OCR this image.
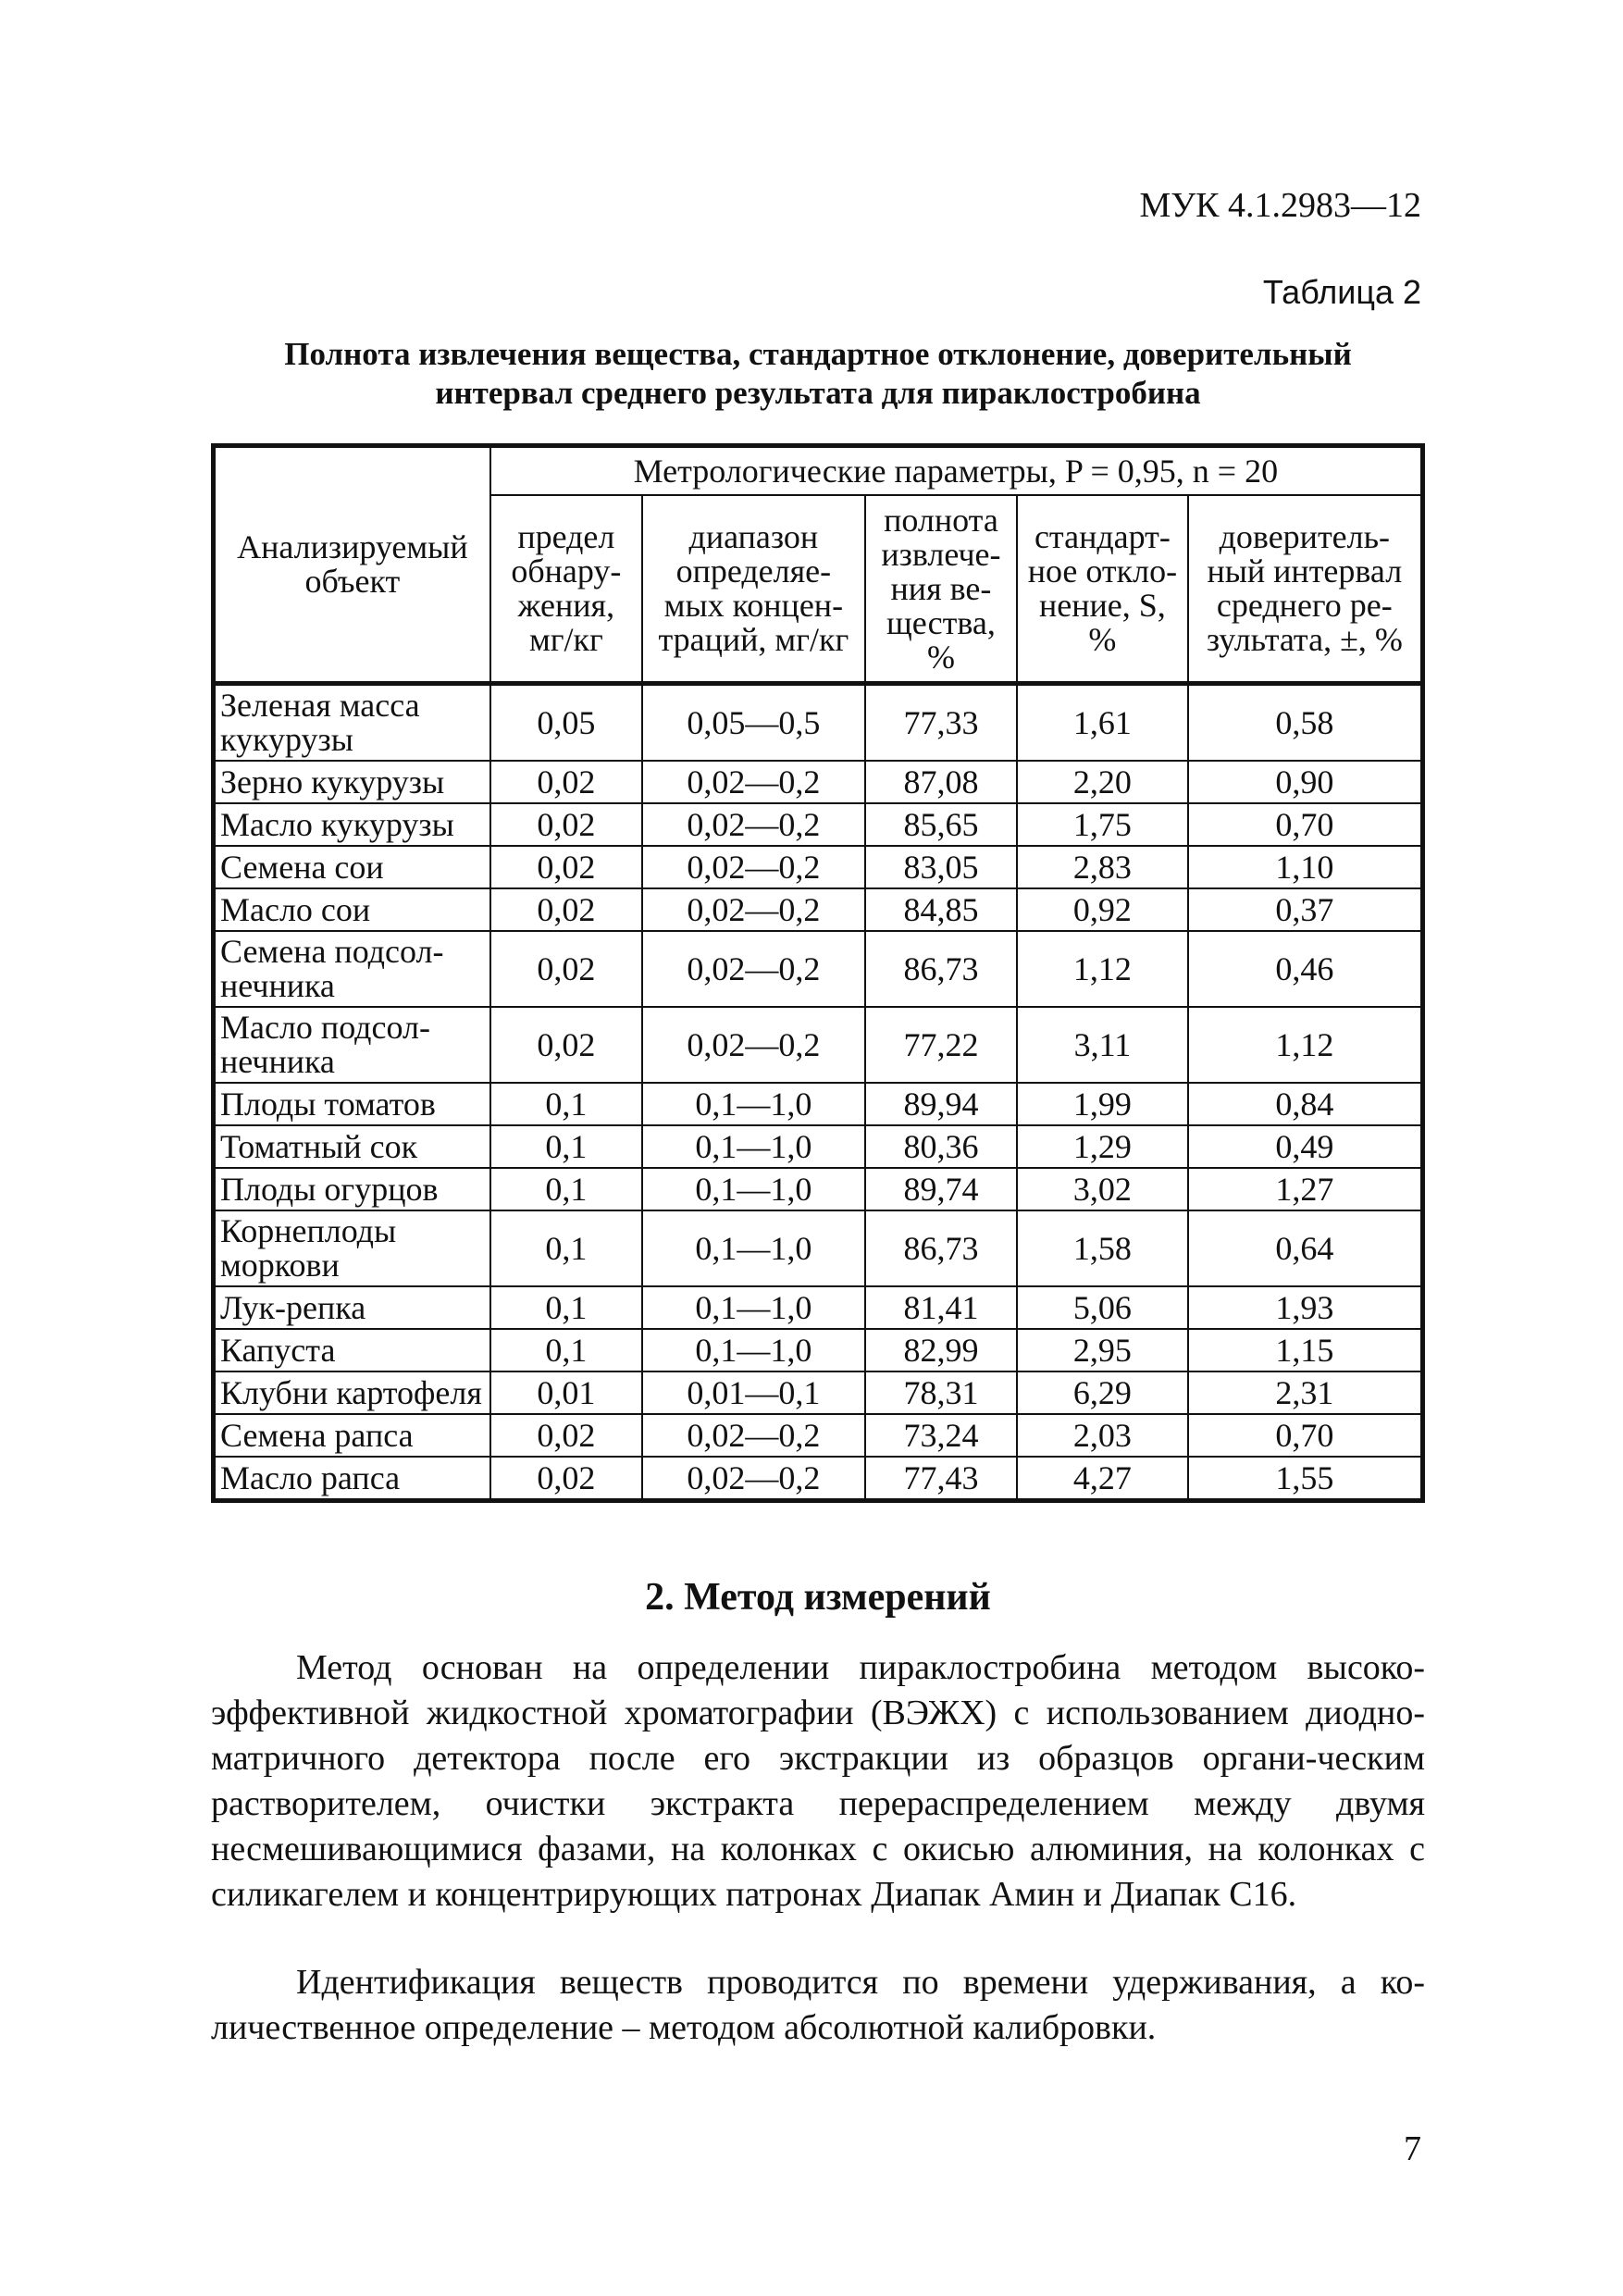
МУК 4.1.2983—12
Таблица 2
Полнота извлечения вещества, стандартное отклонение, доверительный
интервал среднего результата для пираклостробина
Анализируемый объект	Метрологические параметры, P = 0,95, n = 20				
	предел обнару-жения, мг/кг	диапазон определяе-мых концен-траций, мг/кг	полнота извлече-ния ве-щества, %	стандарт-ное откло-нение, S, %	доверитель-ный интервал среднего ре-зультата, ±, %
Зеленая масса кукурузы	0,05	0,05—0,5	77,33	1,61	0,58
Зерно кукурузы	0,02	0,02—0,2	87,08	2,20	0,90
Масло кукурузы	0,02	0,02—0,2	85,65	1,75	0,70
Семена сои	0,02	0,02—0,2	83,05	2,83	1,10
Масло сои	0,02	0,02—0,2	84,85	0,92	0,37
Семена подсол-нечника	0,02	0,02—0,2	86,73	1,12	0,46
Масло подсол-нечника	0,02	0,02—0,2	77,22	3,11	1,12
Плоды томатов	0,1	0,1—1,0	89,94	1,99	0,84
Томатный сок	0,1	0,1—1,0	80,36	1,29	0,49
Плоды огурцов	0,1	0,1—1,0	89,74	3,02	1,27
Корнеплоды моркови	0,1	0,1—1,0	86,73	1,58	0,64
Лук-репка	0,1	0,1—1,0	81,41	5,06	1,93
Капуста	0,1	0,1—1,0	82,99	2,95	1,15
Клубни картофеля	0,01	0,01—0,1	78,31	6,29	2,31
Семена рапса	0,02	0,02—0,2	73,24	2,03	0,70
Масло рапса	0,02	0,02—0,2	77,43	4,27	1,55
2. Метод измерений
Метод основан на определении пираклостробина методом высоко-эффективной жидкостной хроматографии (ВЭЖХ) с использованием диодно-матричного детектора после его экстракции из образцов органи-ческим растворителем, очистки экстракта перераспределением между двумя несмешивающимися фазами, на колонках с окисью алюминия, на колонках с силикагелем и концентрирующих патронах Диапак Амин и Диапак С16.
Идентификация веществ проводится по времени удерживания, а ко-личественное определение – методом абсолютной калибровки.
7
